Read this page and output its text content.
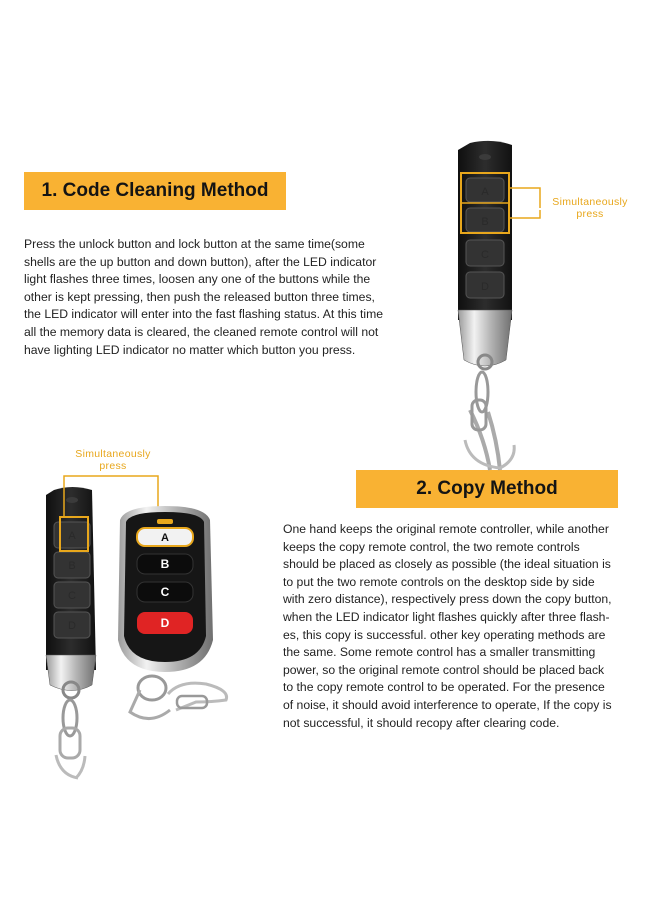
1. Code Cleaning Method

Press the unlock button and lock button at the same time(some
shells are the up button and down button), after the LED indicator
light flashes three times, loosen any one of the buttons while the
other is kept pressing, then push the released button three times,
the LED indicator will enter into the fast flashing status. At this time
all the memory data is cleared, the cleaned remote control will not
have lighting LED indicator no matter which button you press.

Simultaneously
press
2. Copy Method

One hand keeps the original remote controller, while another
keeps the copy remote control, the two remote controls
should be placed as closely as possible (the ideal situation is
to put the two remote controls on the desktop side by side
with zero distance), respectively press down the copy button,
when the LED indicator light flashes quickly after three flash-
es, this copy is successful. other key operating methods are
the same. Some remote control has a smaller transmitting
power, so the original remote control should be placed back
to the copy remote control to be operated. For the presence
of noise, it should avoid interference to operate, If the copy is
not successful, it should recopy after clearing code.

Simultaneously
press
A
B
C
D
A
B
C
D
A
B
C
D
